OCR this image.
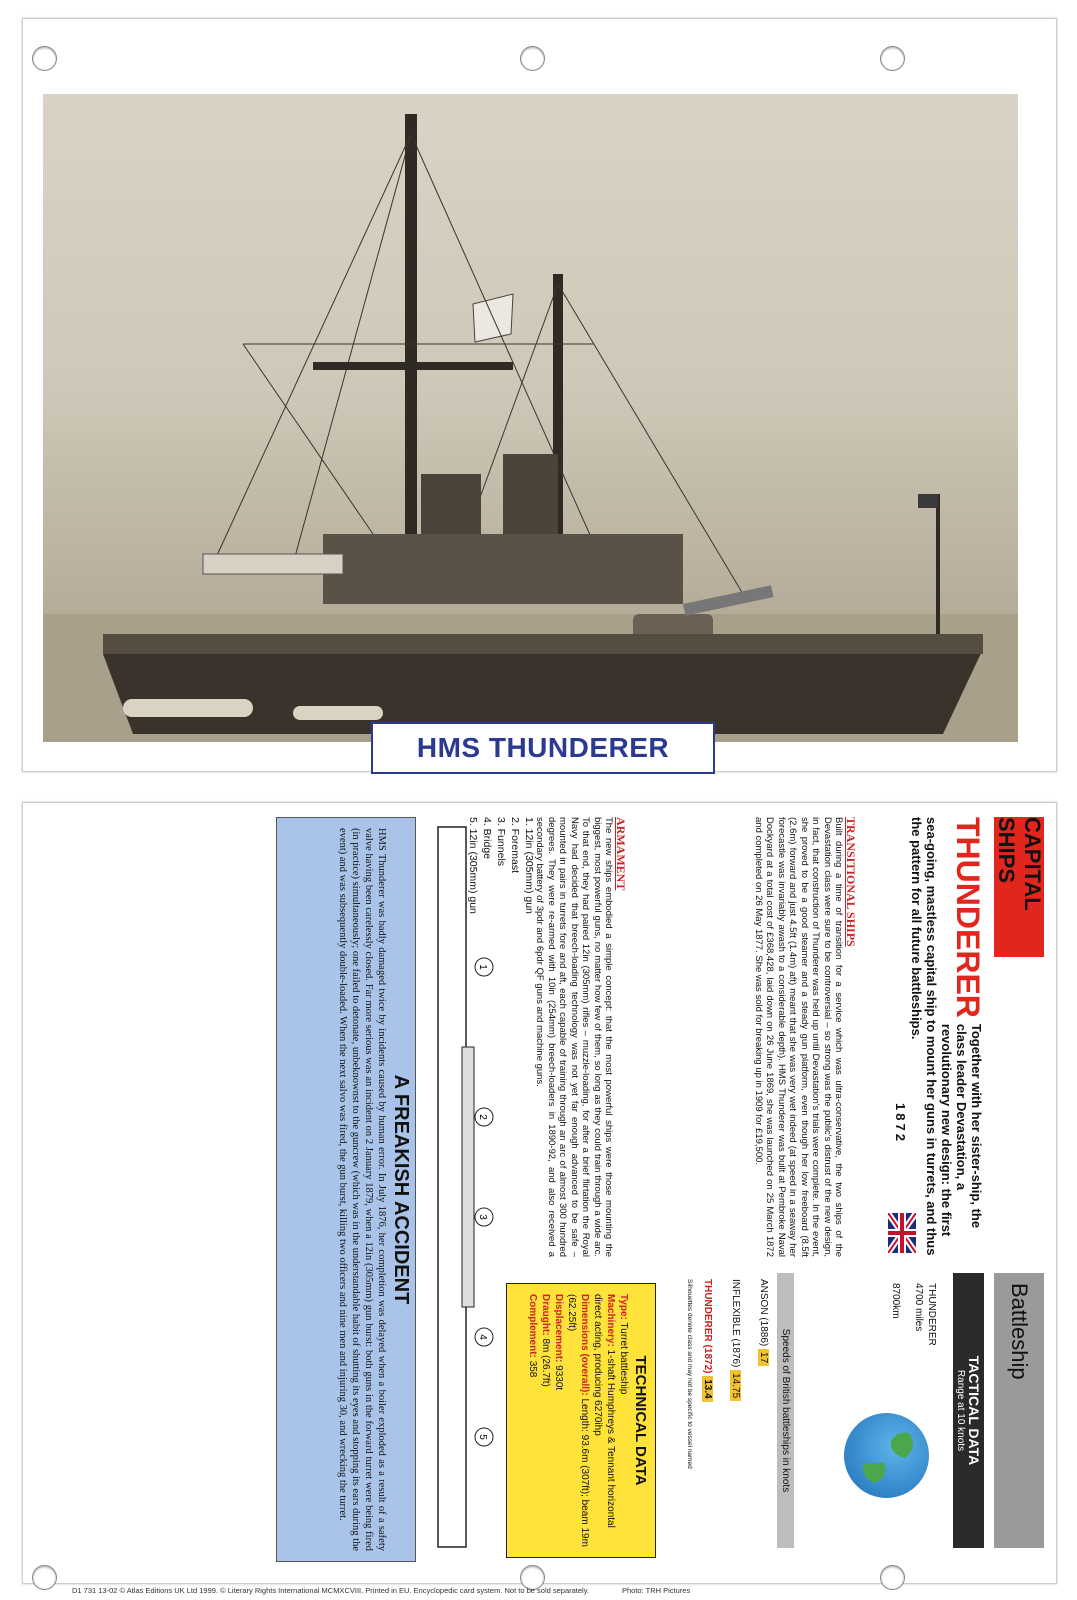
HMS THUNDERER
CAPITAL SHIPS
Battleship
THUNDERER
Together with her sister-ship, the class leader Devastation, a revolutionary new design: the first sea-going, mastless capital ship to mount her guns in turrets, and thus the pattern for all future battleships.
1872
TRANSITIONAL SHIPS
Built during a time of transition for a service which was ultra-conservative, the two ships of the Devastation class were sure to be controversial – so strong was the public's distrust of the new design, in fact, that construction of Thunderer was held up until Devastation's trials were complete. In the event, she proved to be a good steamer and a steady gun platform, even though her low freeboard (8.5ft (2.6m) forward and just 4.5ft (1.4m) aft) meant that she was very wet indeed (at speed in a seaway her forecastle was invariably awash to a considerable depth). HMS Thunderer was built at Pembroke Naval Dockyard at a total cost of £368,428, laid down on 26 June 1869, she was launched on 25 March 1872 and completed on 26 May 1877. She was sold for breaking up in 1909 for £19,500.
ARMAMENT
The new ships embodied a simple concept: that the most powerful ships were those mounting the biggest, most powerful guns, no matter how few of them, so long as they could train through a wide arc. To that end, they had paired 12in (305mm) rifles – muzzle-loading, for after a brief flirtation the Royal Navy had decided that breech-loading technology was not yet far enough advanced to be safe – mounted in pairs in turrets fore and aft, each capable of training through an arc of almost 300 hundred degrees. They were re-armed with 10in (254mm) breech-loaders in 1890-92, and also received a secondary battery of 3pdr and 6pdr QF guns and machine guns.
TACTICAL DATA
Range at 10 knots
THUNDERER
4700 miles
8700km
Speeds of British battleships in knots
ANSON (1886) 17
INFLEXIBLE (1876) 14.75
THUNDERER (1872) 13.4
Silhouettes denote class and may not be specific to vessel named
TECHNICAL DATA
Type: Turret battleship
Machinery: 1-shaft Humphreys & Tennant horizontal direct acting, producing 6270ihp
Dimensions (overall): Length: 93.6m (307ft); beam 19m (62.25ft)
Displacement: 9330t
Draught: 8m (26.7ft)
Complement: 358
1. 12in (305mm) gun
2. Foremast
3. Funnels
4. Bridge
5. 12in (305mm) gun
1
2
3
4
5
A FREAKISH ACCIDENT
HMS Thunderer was badly damaged twice by incidents caused by human error. In July 1876, her completion was delayed when a boiler exploded as a result of a safety valve having been carelessly closed. Far more serious was an incident on 2 January 1879, when a 12in (305mm) gun burst: both guns in the forward turret were being fired (in practice) simultaneously; one failed to detonate, unbeknownst to the guncrew (which was in the understandable habit of shutting its eyes and stopping its ears during the event) and was subsequently double-loaded. When the next salvo was fired, the gun burst, killing two officers and nine men and injuring 30, and wrecking the turret.
D1 731 13-02 © Atlas Editions UK Ltd 1999. © Literary Rights International MCMXCVIII. Printed in EU. Encyclopedic card system. Not to be sold separately.	Photo: TRH Pictures
